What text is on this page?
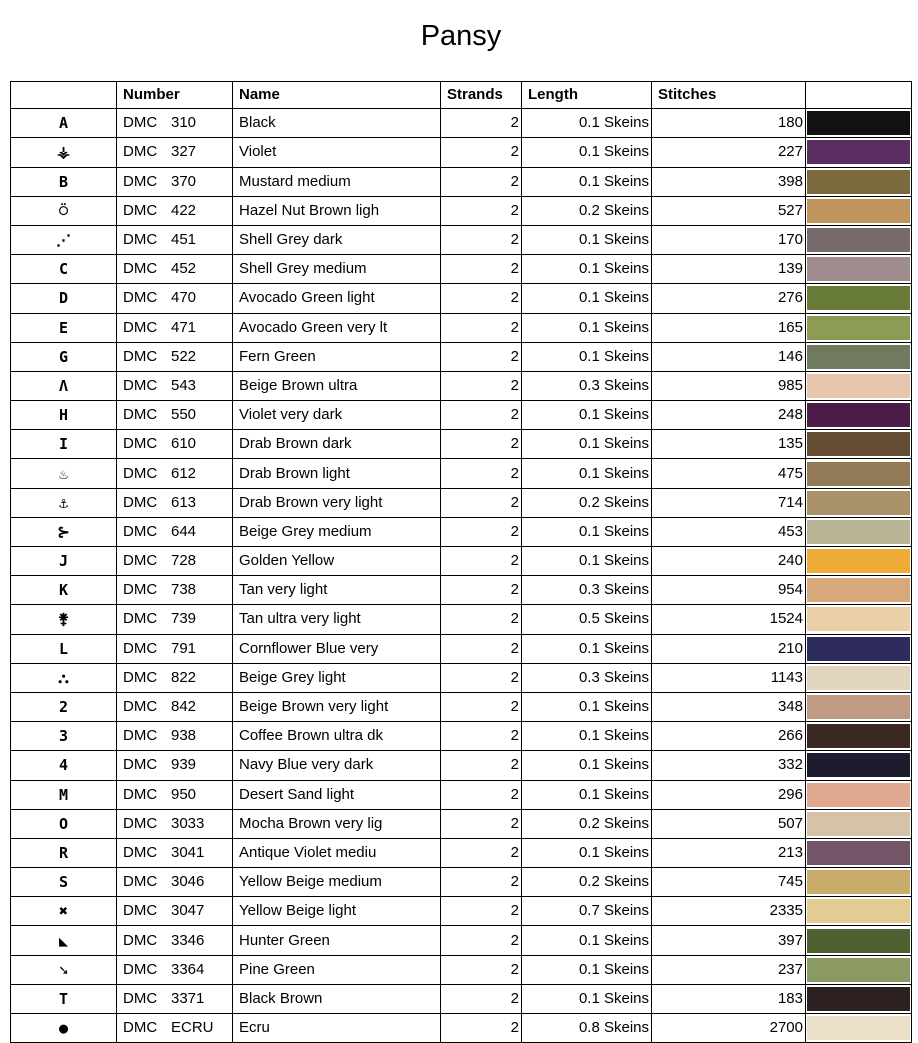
Pansy
	Number	Name	Strands	Length	Stitches	
A	DMC 310	Black	2	0.1 Skeins	180	

⚶	DMC 327	Violet	2	0.1 Skeins	227	

B	DMC 370	Mustard medium	2	0.1 Skeins	398	

⍥	DMC 422	Hazel Nut Brown ligh	2	0.2 Skeins	527	

⋰	DMC 451	Shell Grey dark	2	0.1 Skeins	170	

C	DMC 452	Shell Grey medium	2	0.1 Skeins	139	

D	DMC 470	Avocado Green light	2	0.1 Skeins	276	

E	DMC 471	Avocado Green very lt	2	0.1 Skeins	165	

G	DMC 522	Fern Green	2	0.1 Skeins	146	

Λ	DMC 543	Beige Brown ultra	2	0.3 Skeins	985	

H	DMC 550	Violet very dark	2	0.1 Skeins	248	

I	DMC 610	Drab Brown dark	2	0.1 Skeins	135	

♨	DMC 612	Drab Brown light	2	0.1 Skeins	475	

⚓	DMC 613	Drab Brown very light	2	0.2 Skeins	714	

⊱	DMC 644	Beige Grey medium	2	0.1 Skeins	453	

J	DMC 728	Golden Yellow	2	0.1 Skeins	240	

K	DMC 738	Tan very light	2	0.3 Skeins	954	

⚵	DMC 739	Tan ultra very light	2	0.5 Skeins	1524	

L	DMC 791	Cornflower Blue very	2	0.1 Skeins	210	

⛬	DMC 822	Beige Grey light	2	0.3 Skeins	1143	

2	DMC 842	Beige Brown very light	2	0.1 Skeins	348	

3	DMC 938	Coffee Brown ultra dk	2	0.1 Skeins	266	

4	DMC 939	Navy Blue very dark	2	0.1 Skeins	332	

M	DMC 950	Desert Sand light	2	0.1 Skeins	296	

O	DMC 3033	Mocha Brown very lig	2	0.2 Skeins	507	

R	DMC 3041	Antique Violet mediu	2	0.1 Skeins	213	

S	DMC 3046	Yellow Beige medium	2	0.2 Skeins	745	

✖	DMC 3047	Yellow Beige light	2	0.7 Skeins	2335	

◣	DMC 3346	Hunter Green	2	0.1 Skeins	397	

➘	DMC 3364	Pine Green	2	0.1 Skeins	237	

T	DMC 3371	Black Brown	2	0.1 Skeins	183	

●	DMC ECRU	Ecru	2	0.8 Skeins	2700	
